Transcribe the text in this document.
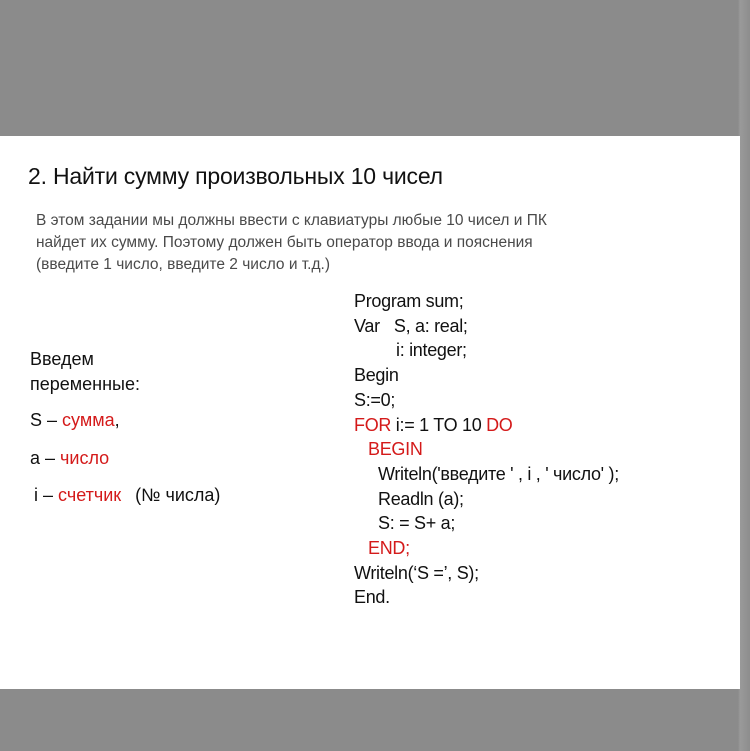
2. Найти сумму произвольных 10 чисел
В этом задании мы должны ввести с клавиатуры любые 10 чисел и ПК
найдет их сумму. Поэтому должен быть оператор ввода и пояснения
(введите 1 число, введите 2 число и т.д.)
Введем
переменные:
S – сумма,
a – число
i – счетчик (№ числа)
Program sum;
Var   S, a: real;
i: integer;
Begin
S:=0;
FOR i:= 1 TO 10 DO
BEGIN
Writeln('введите ' , i , ' число' );
Readln (a);
S: = S+ a;
END;
Writeln(‘S =’, S);
End.
